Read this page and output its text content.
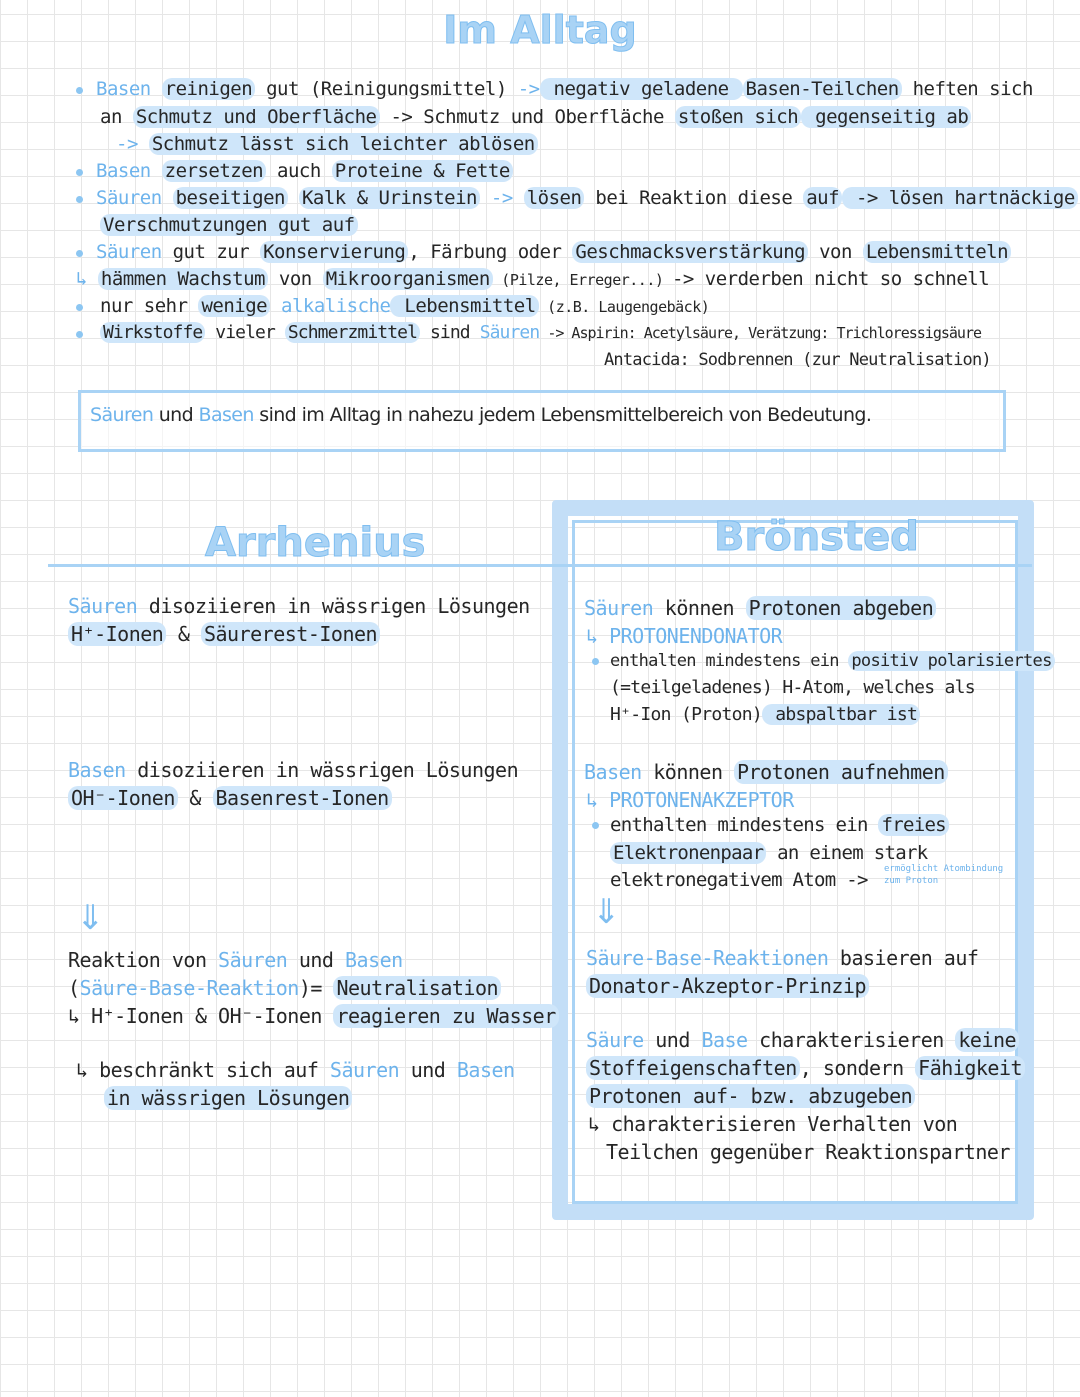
Im Alltag
Basen reinigen gut (Reinigungsmittel) -> negativ geladene Basen-Teilchen heften sich
an Schmutz und Oberfläche -> Schmutz und Oberfläche stoßen sich gegenseitig ab
-> Schmutz lässt sich leichter ablösen
Basen zersetzen auch Proteine & Fette
Säuren beseitigen Kalk & Urinstein -> lösen bei Reaktion diese auf -> lösen hartnäckige
Verschmutzungen gut auf
Säuren gut zur Konservierung , Färbung oder Geschmacksverstärkung von Lebensmitteln
↳ hämmen Wachstum von Mikroorganismen (Pilze, Erreger...) -> verderben nicht so schnell
nur sehr wenige alkalische Lebensmittel (z.B. Laugengebäck)
Wirkstoffe vieler Schmerzmittel sind Säuren -> Aspirin: Acetylsäure, Verätzung: Trichloressigsäure
Antacida: Sodbrennen (zur Neutralisation)
Säuren und Basen sind im Alltag in nahezu jedem Lebensmittelbereich von Bedeutung.
Arrhenius	Brönsted
Säuren disoziieren in wässrigen Lösungen
H⁺-Ionen & Säurerest-Ionen
Basen disoziieren in wässrigen Lösungen
OH⁻-Ionen & Basenrest-Ionen
⇓
Reaktion von Säuren und Basen
(Säure-Base-Reaktion)= Neutralisation
↳ H⁺-Ionen & OH⁻-Ionen reagieren zu Wasser
↳ beschränkt sich auf Säuren und Basen
in wässrigen Lösungen
Säuren können Protonen abgeben
↳ PROTONENDONATOR
enthalten mindestens ein positiv polarisiertes
(=teilgeladenes) H-Atom, welches als
H⁺-Ion (Proton) abspaltbar ist
Basen können Protonen aufnehmen
↳ PROTONENAKZEPTOR
enthalten mindestens ein freies
Elektronenpaar an einem stark
elektronegativem Atom -> ermöglicht Atombindung
zum Proton
⇓
Säure-Base-Reaktionen basieren auf
Donator-Akzeptor-Prinzip
Säure und Base charakterisieren keine
Stoffeigenschaften , sondern Fähigkeit
Protonen auf- bzw. abzugeben
↳ charakterisieren Verhalten von
Teilchen gegenüber Reaktionspartner
